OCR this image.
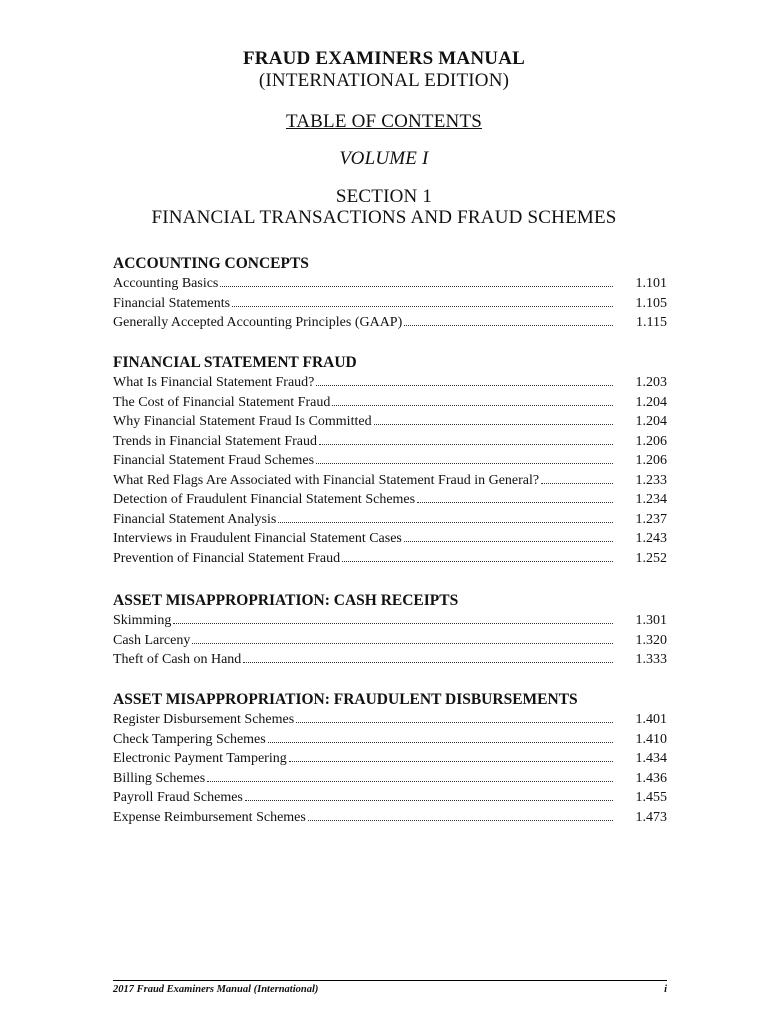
FRAUD EXAMINERS MANUAL
(INTERNATIONAL EDITION)
TABLE OF CONTENTS
VOLUME I
SECTION 1
FINANCIAL TRANSACTIONS AND FRAUD SCHEMES
ACCOUNTING CONCEPTS
Accounting Basics	1.101
Financial Statements	1.105
Generally Accepted Accounting Principles (GAAP)	1.115
FINANCIAL STATEMENT FRAUD
What Is Financial Statement Fraud?	1.203
The Cost of Financial Statement Fraud	1.204
Why Financial Statement Fraud Is Committed	1.204
Trends in Financial Statement Fraud	1.206
Financial Statement Fraud Schemes	1.206
What Red Flags Are Associated with Financial Statement Fraud in General?	1.233
Detection of Fraudulent Financial Statement Schemes	1.234
Financial Statement Analysis	1.237
Interviews in Fraudulent Financial Statement Cases	1.243
Prevention of Financial Statement Fraud	1.252
ASSET MISAPPROPRIATION: CASH RECEIPTS
Skimming	1.301
Cash Larceny	1.320
Theft of Cash on Hand	1.333
ASSET MISAPPROPRIATION: FRAUDULENT DISBURSEMENTS
Register Disbursement Schemes	1.401
Check Tampering Schemes	1.410
Electronic Payment Tampering	1.434
Billing Schemes	1.436
Payroll Fraud Schemes	1.455
Expense Reimbursement Schemes	1.473
2017 Fraud Examiners Manual (International)	i
